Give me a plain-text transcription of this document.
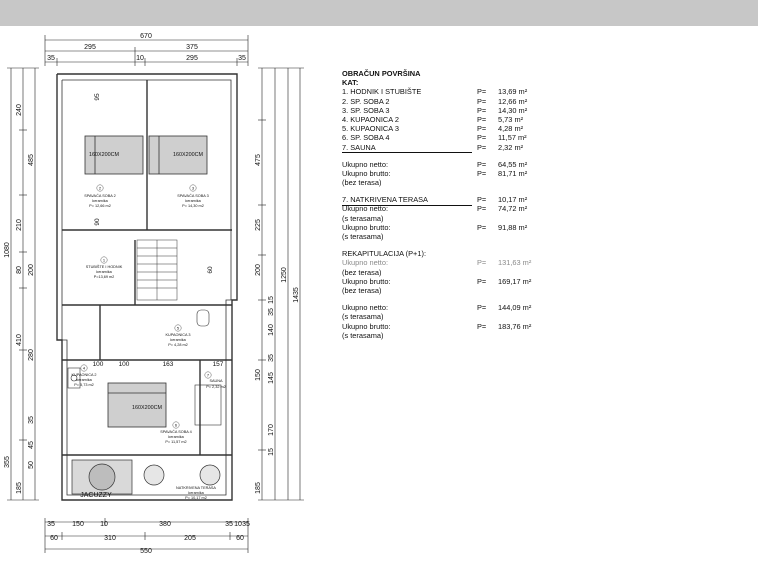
160X200CM	160X200CM
160X200CM
JACUZZY
SPAVAĆA SOBA 2
keramika
P= 12,66 m2
SPAVAĆA SOBA 3
keramika
P= 14,30 m2
STUBIŠTE I HODNIK
keramika
P=13,69 m2
KUPAONICA 3
keramika
P= 4,28 m2
KUPAONICA 2
keramika
P= 5,73 m2
SAUNA
P= 2,32 m2
SPAVAĆA SOBA 4
keramika
P= 11,57 m2
NATKRIVENA TERASA
keramika
P= 10,17 m2
2	3
1
5
4
7
6
670
295	375
35	35
10	295
35 150 10	380	35 10 35
60	310	205	60
550
240
485
210
80 200
410
280
35
45
50
355
185
1080
475
225
200
15
150
170
15
185
1250
1435
35
140
35
145
95
90
100 100	163	157
60
OBRAČUN POVRŠINA
KAT:
1. HODNIK I STUBIŠTE	P= 13,69 m²
2. SP. SOBA 2	P= 12,66 m²
3. SP. SOBA 3	P= 14,30 m²
4. KUPAONICA 2	P= 5,73 m²
5. KUPAONICA 3	P= 4,28 m²
6. SP. SOBA 4	P= 11,57 m²
7. SAUNA	P= 2,32 m²
Ukupno netto:	P= 64,55 m²
Ukupno brutto:	P= 81,71 m²
(bez terasa)
7. NATKRIVENA TERASA	P= 10,17 m²
Ukupno netto:	P= 74,72 m²
(s terasama)
Ukupno brutto:	P= 91,88 m²
(s terasama)
REKAPITULACIJA (P+1):
Ukupno netto:	P= 131,63 m²
(bez terasa)
Ukupno brutto:	P= 169,17 m²
(bez terasa)
Ukupno netto:	P= 144,09 m²
(s terasama)
Ukupno brutto:	P= 183,76 m²
(s terasama)
